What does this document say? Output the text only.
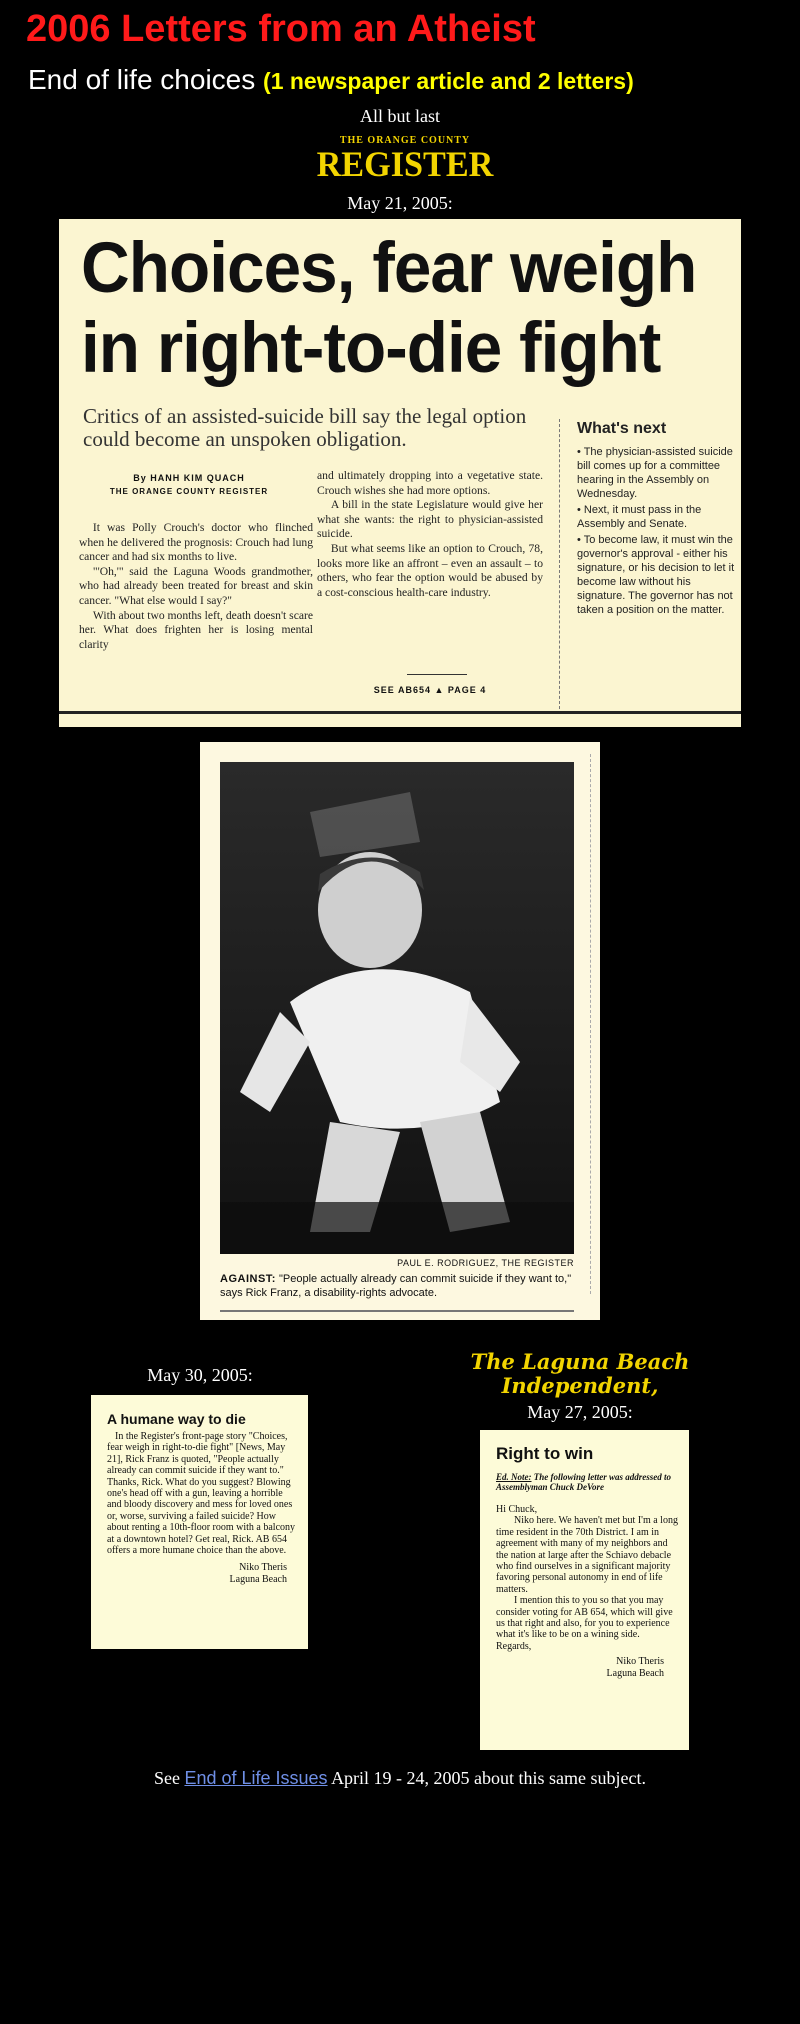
2006 Letters from an Atheist
End of life choices (1 newspaper article and 2 letters)
All but last
THE ORANGE COUNTY
REGISTER
May 21, 2005:
Choices, fear weigh
in right-to-die fight
Critics of an assisted-suicide bill say the legal option could become an unspoken obligation.
By HANH KIM QUACH
THE ORANGE COUNTY REGISTER

It was Polly Crouch's doctor who flinched when he delivered the prognosis: Crouch had lung cancer and had six months to live.

"'Oh,'" said the Laguna Woods grandmother, who had already been treated for breast and skin cancer. "What else would I say?"

With about two months left, death doesn't scare her. What does frighten her is losing mental clarity

and ultimately dropping into a vegetative state. Crouch wishes she had more options.

A bill in the state Legislature would give her what she wants: the right to physician-assisted suicide.

But what seems like an option to Crouch, 78, looks more like an affront – even an assault – to others, who fear the option would be abused by a cost-conscious health-care industry.

SEE AB654 ▲ PAGE 4
What's next
• The physician-assisted suicide bill comes up for a committee hearing in the Assembly on Wednesday.
• Next, it must pass in the Assembly and Senate.
• To become law, it must win the governor's approval - either his signature, or his decision to let it become law without his signature. The governor has not taken a position on the matter.
PAUL E. RODRIGUEZ, THE REGISTER
AGAINST: "People actually already can commit suicide if they want to," says Rick Franz, a disability-rights advocate.
May 30, 2005:
A humane way to die

In the Register's front-page story "Choices, fear weigh in right-to-die fight" [News, May 21], Rick Franz is quoted, "People actually already can commit suicide if they want to." Thanks, Rick. What do you suggest? Blowing one's head off with a gun, leaving a horrible and bloody discovery and mess for loved ones or, worse, surviving a failed suicide? How about renting a 10th-floor room with a balcony at a downtown hotel? Get real, Rick. AB 654 offers a more humane choice than the above.

Niko Theris

Laguna Beach

The Laguna Beach
Independent,
May 27, 2005:
Right to win
Ed. Note: The following letter was addressed to Assemblyman Chuck DeVore

Hi Chuck,

Niko here. We haven't met but I'm a long time resident in the 70th District. I am in agreement with many of my neighbors and the nation at large after the Schiavo debacle who find ourselves in a significant majority favoring personal autonomy in end of life matters.

I mention this to you so that you may consider voting for AB 654, which will give us that right and also, for you to experience what it's like to be on a wining side.

Regards,

Niko Theris

Laguna Beach

See End of Life Issues April 19 - 24, 2005 about this same subject.
